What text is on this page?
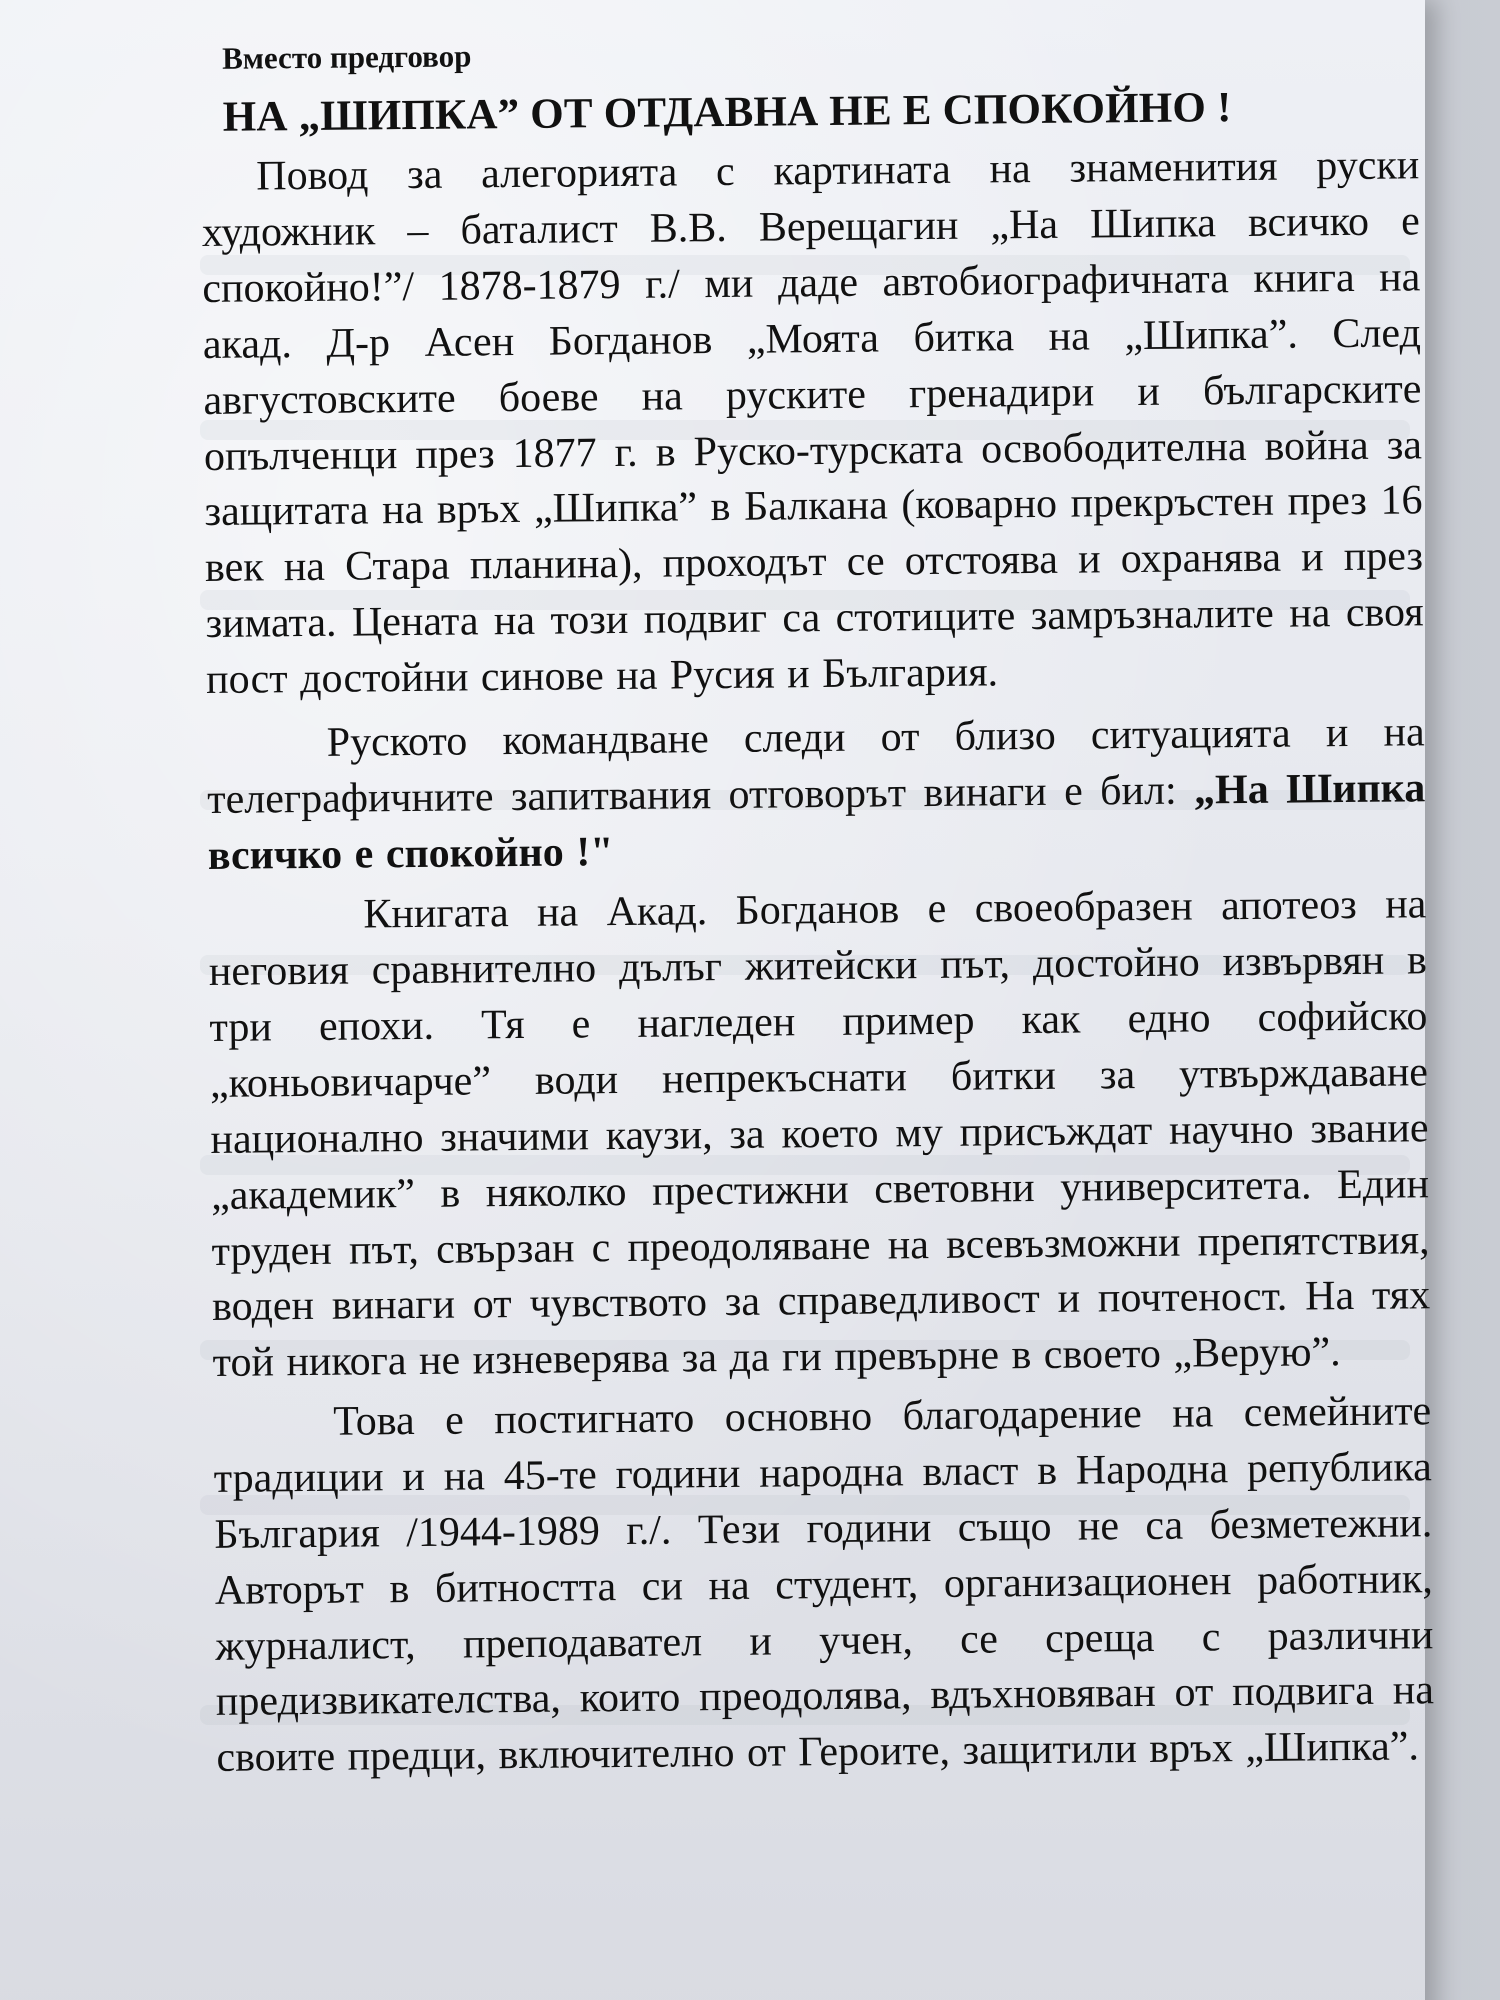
Вместо предговор
НА „ШИПКА” ОТ ОТДАВНА НЕ Е СПОКОЙНО !

Повод за алегорията с картината на знаменития руски художник – баталист В.В. Верещагин „На Шипка всичко е спокойно!”/ 1878-1879 г./ ми даде автобиографичната книга на акад. Д-р Асен Богданов „Моята битка на „Шипка”. След августовските боеве на руските гренадири и българските опълченци през 1877 г. в Руско-турската освободителна война за защитата на връх „Шипка” в Балкана (коварно прекръстен през 16 век на Стара планина), проходът се отстоява и охранява и през зимата. Цената на този подвиг са стотиците замръзналите на своя пост достойни синове на Русия и България.

Руското командване следи от близо ситуацията и на телеграфичните запитвания отговорът винаги е бил: „На Шипка всичко е спокойно !"

Книгата на Акад. Богданов е своеобразен апотеоз на неговия сравнително дълъг житейски път, достойно извървян в три епохи. Тя е нагледен пример как едно софийско „коньовичарче” води непрекъснати битки за утвърждаване национално значими каузи, за което му присъждат научно звание „академик” в няколко престижни световни университета. Един труден път, свързан с преодоляване на всевъзможни препятствия, воден винаги от чувството за справедливост и почтеност. На тях той никога не изневерява за да ги превърне в своето „Верую”.

Това е постигнато основно благодарение на семейните традиции и на 45-те години народна власт в Народна република България /1944-1989 г./. Тези години също не са безметежни. Авторът в битността си на студент, организационен работник, журналист, преподавател и учен, се среща с различни предизвикателства, които преодолява, вдъхновяван от подвига на своите предци, включително от Героите, защитили връх „Шипка”.
